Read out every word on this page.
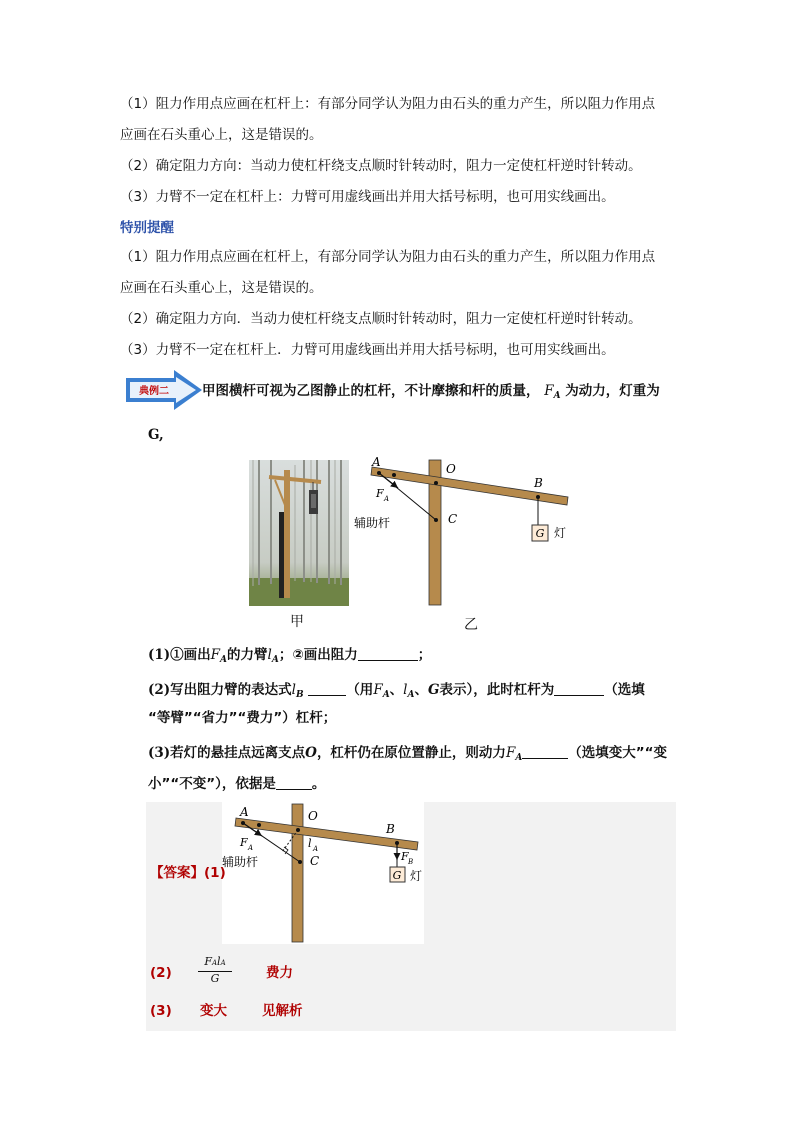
（1）阻力作用点应画在杠杆上：有部分同学认为阻力由石头的重力产生，所以阻力作用点
应画在石头重心上，这是错误的。
（2）确定阻力方向：当动力使杠杆绕支点顺时针转动时，阻力一定使杠杆逆时针转动。
（3）力臂不一定在杠杆上：力臂可用虚线画出并用大括号标明，也可用实线画出。
特别提醒
（1）阻力作用点应画在杠杆上，有部分同学认为阻力由石头的重力产生，所以阻力作用点
应画在石头重心上，这是错误的。
（2）确定阻力方向．当动力使杠杆绕支点顺时针转动时，阻力一定使杠杆逆时针转动。
（3）力臂不一定在杠杆上．力臂可用虚线画出并用大括号标明，也可用实线画出。
典例二 甲图横杆可视为乙图静止的杠杆，不计摩擦和杆的质量， $F_A$ 为动力，灯重为
G,
甲
G 灯
A	O
B
C
F A
辅助杆
乙
(1)①画出$F_A$的力臂$l_A$；②画出阻力	；
(2)写出阻力臂的表达式$l_B$	（用$F_A$、$l_A$、G表示），此时杠杆为	（选填
“等臂”“省力”“费力”）杠杆；
(3)若灯的悬挂点远离支点O，杠杆仍在原位置静止，则动力$F_A$	（选填变大”“变
小”“不变”），依据是	。
G 灯
A	O
B
C
F A	l A
F B
辅助杆
【答案】(1)
(2)
FAlA
G	费力
(3) 变大	见解析
